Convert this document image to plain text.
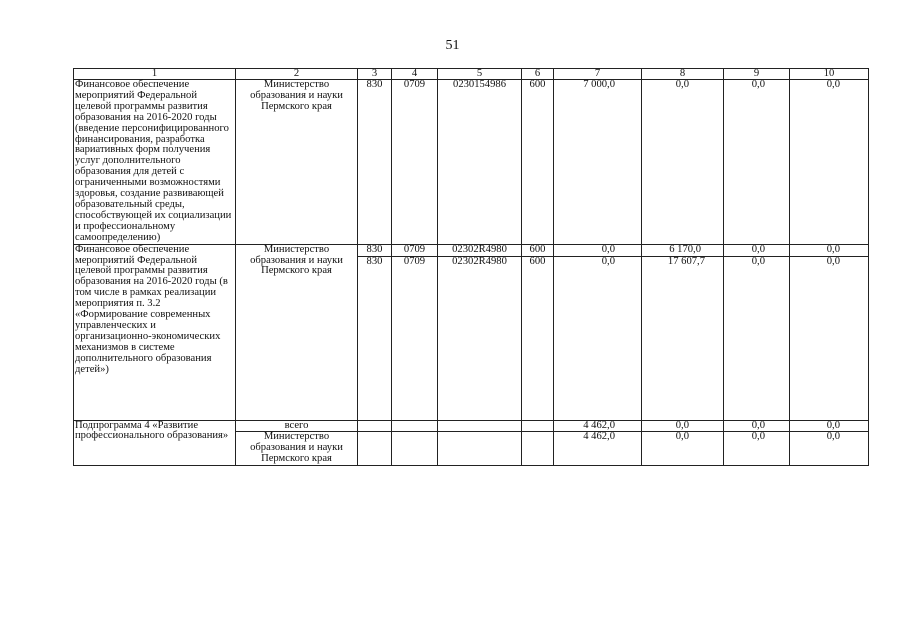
51
1	2	3	4	5	6	7	8	9	10
Финансовое обеспечение мероприятий Федеральной целевой программы развития образования на 2016-2020 годы (введение персонифицированного финансирования, разработка вариативных форм получения услуг дополнительного образования для детей с ограниченными возможностями здоровья, создание развивающей образовательный среды, способствующей их социализации и профессиональному самоопределению)	Министерство образования и науки Пермского края	830	0709	0230154986	600	7 000,0	0,0	0,0	0,0
Финансовое обеспечение мероприятий Федеральной целевой программы развития образования на 2016-2020 годы (в том числе в рамках реализации мероприятия п. 3.2 «Формирование современных управленческих и организационно-экономических механизмов в системе дополнительного образования детей»)	Министерство образования и науки Пермского края	830	0709	02302R4980	600	0,0	6 170,0	0,0	0,0
		830	0709	02302R4980	600	0,0	17 607,7	0,0	0,0
Подпрограмма 4 «Развитие профессионального образования»	всего					4 462,0	0,0	0,0	0,0
	Министерство образования и науки Пермского края					4 462,0	0,0	0,0	0,0
